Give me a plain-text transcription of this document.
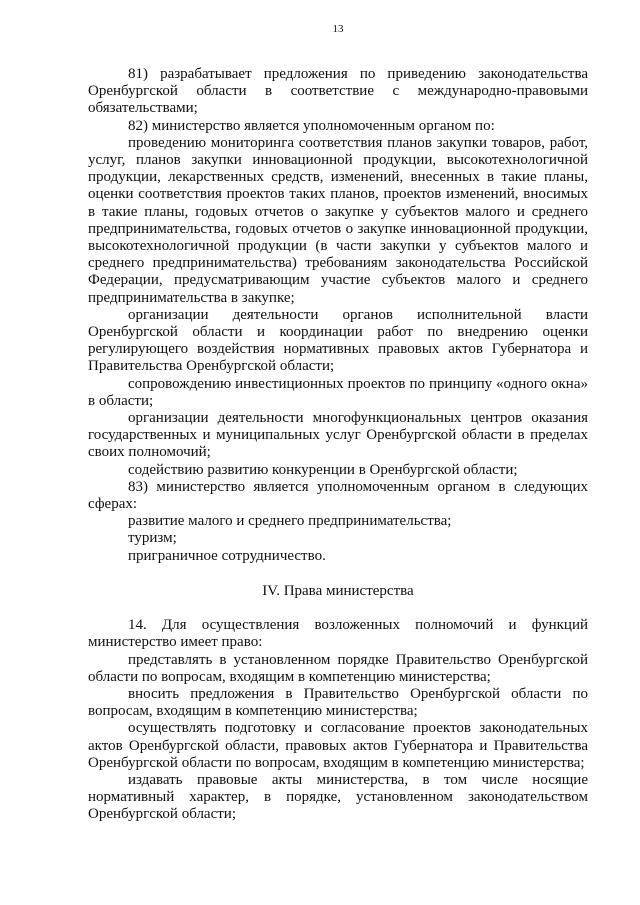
13

81) разрабатывает предложения по приведению законодательства Оренбургской области в соответствие с международно-правовыми обязательствами;

82) министерство является уполномоченным органом по:

проведению мониторинга соответствия планов закупки товаров, работ, услуг, планов закупки инновационной продукции, высокотехнологичной продукции, лекарственных средств, изменений, внесенных в такие планы, оценки соответствия проектов таких планов, проектов изменений, вносимых в такие планы, годовых отчетов о закупке у субъектов малого и среднего предпринимательства, годовых отчетов о закупке инновационной продукции, высокотехнологичной продукции (в части закупки у субъектов малого и среднего предпринимательства) требованиям законодательства Российской Федерации, предусматривающим участие субъектов малого и среднего предпринимательства в закупке;

организации деятельности органов исполнительной власти Оренбургской области и координации работ по внедрению оценки регулирующего воздействия нормативных правовых актов Губернатора и Правительства Оренбургской области;

сопровождению инвестиционных проектов по принципу «одного окна» в области;

организации деятельности многофункциональных центров оказания государственных и муниципальных услуг Оренбургской области в пределах своих полномочий;

содействию развитию конкуренции в Оренбургской области;

83) министерство является уполномоченным органом в следующих сферах:

развитие малого и среднего предпринимательства;

туризм;

приграничное сотрудничество.

IV. Права министерства

14. Для осуществления возложенных полномочий и функций министерство имеет право:

представлять в установленном порядке Правительство Оренбургской области по вопросам, входящим в компетенцию министерства;

вносить предложения в Правительство Оренбургской области по вопросам, входящим в компетенцию министерства;

осуществлять подготовку и согласование проектов законодательных актов Оренбургской области, правовых актов Губернатора и Правительства Оренбургской области по вопросам, входящим в компетенцию министерства;

издавать правовые акты министерства, в том числе носящие нормативный характер, в порядке, установленном законодательством Оренбургской области;
